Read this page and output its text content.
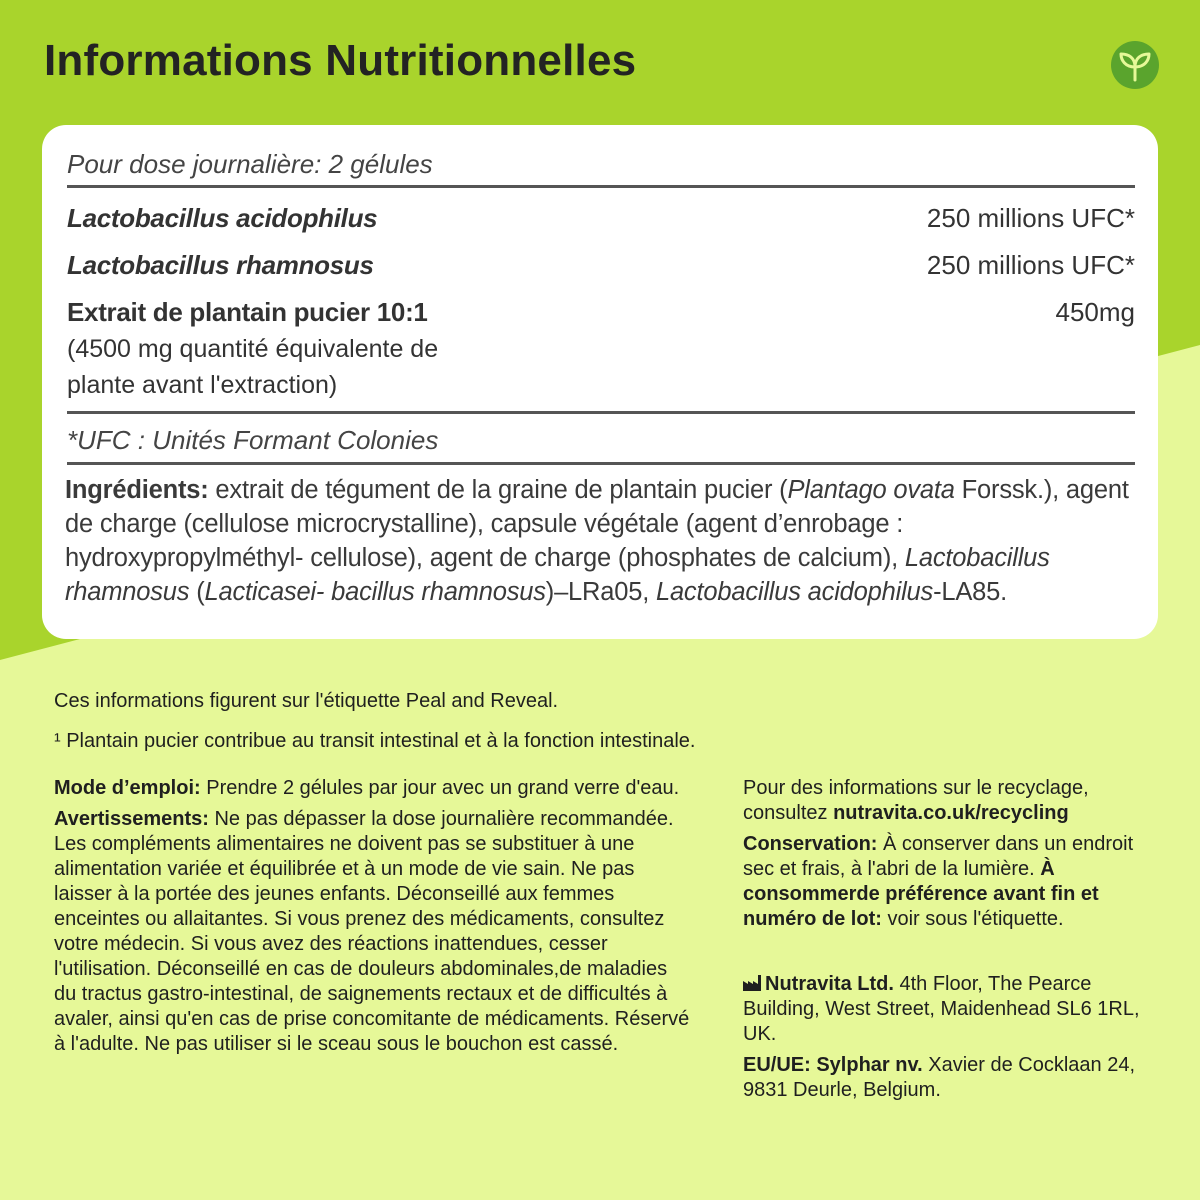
Informations Nutritionnelles
Pour dose journalière: 2 gélules
Lactobacillus acidophilus	250 millions UFC*
Lactobacillus rhamnosus	250 millions UFC*
Extrait de plantain pucier 10:1	450mg
(4500 mg quantité équivalente de plante avant l'extraction)
*UFC : Unités Formant Colonies

Ingrédients: extrait de tégument de la graine de plantain pucier (Plantago ovata Forssk.), agent de charge (cellulose microcrystalline), capsule végétale (agent d’enrobage : hydroxypropylméthyl- cellulose), agent de charge (phosphates de calcium), Lactobacillus rhamnosus (Lacticasei- bacillus rhamnosus)–LRa05, Lactobacillus acidophilus-LA85.

Ces informations figurent sur l'étiquette Peal and Reveal.

¹ Plantain pucier contribue au transit intestinal et à la fonction intestinale.

Mode d’emploi: Prendre 2 gélules par jour avec un grand verre d'eau.

Avertissements: Ne pas dépasser la dose journalière recommandée. Les compléments alimentaires ne doivent pas se substituer à une alimentation variée et équilibrée et à un mode de vie sain. Ne pas laisser à la portée des jeunes enfants. Déconseillé aux femmes enceintes ou allaitantes. Si vous prenez des médicaments, consultez votre médecin. Si vous avez des réactions inattendues, cesser l'utilisation. Déconseillé en cas de douleurs abdominales,de maladies du tractus gastro-intestinal, de saignements rectaux et de difficultés à avaler, ainsi qu'en cas de prise concomitante de médicaments. Réservé à l'adulte. Ne pas utiliser si le sceau sous le bouchon est cassé.

Pour des informations sur le recyclage, consultez nutravita.co.uk/recycling

Conservation: À conserver dans un endroit sec et frais, à l'abri de la lumière. À consommerde préférence avant fin et numéro de lot: voir sous l'étiquette.

Nutravita Ltd. 4th Floor, The Pearce Building, West Street, Maidenhead SL6 1RL, UK.

EU/UE: Sylphar nv. Xavier de Cocklaan 24, 9831 Deurle, Belgium.
